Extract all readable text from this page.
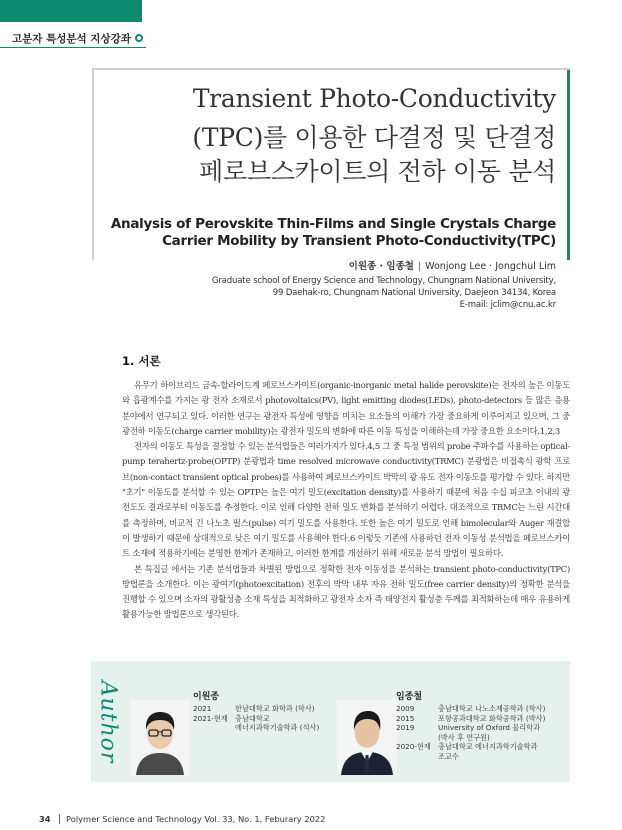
고분자 특성분석 지상강좌
Transient Photo-Conductivity
(TPC)를 이용한 다결정 및 단결정
페로브스카이트의 전하 이동 분석
Analysis of Perovskite Thin-Films and Single Crystals Charge
Carrier Mobility by Transient Photo-Conductivity(TPC)
이원종 · 임종철 | Wonjong Lee · Jongchul Lim
Graduate school of Energy Science and Technology, Chungnam National University,
99 Daehak-ro, Chungnam National University, Daejeon 34134, Korea
E-mail: jclim@cnu.ac.kr
1. 서론

유무기 하이브리드 금속-할라이드계 페로브스카이트(organic-inorganic metal halide perovskite)는 전자의 높은 이동도와 흡광계수를 가지는 광 전자 소재로서 photovoltaics(PV), light emitting diodes(LEDs), photo-detectors 등 많은 응용분야에서 연구되고 있다. 이러한 연구는 광전자 특성에 영향을 미치는 요소들의 이해가 가장 중요하게 이루어지고 있으며, 그 중 광전하 이동도(charge carrier mobility)는 광전자 밀도의 변화에 따른 이동 특성을 이해하는데 가장 중요한 요소이다.1,2,3

전자의 이동도 특성을 결정할 수 있는 분석법들은 여러가지가 있다.4,5 그 중 특정 범위의 probe 주파수를 사용하는 optical-pump terahertz-probe(OPTP) 분광법과 time resolved microwave conductivity(TRMC) 분광법은 비접촉식 광학 프로브(non-contact transient optical probes)를 사용하여 페로브스카이트 박막의 광 유도 전자 이동도를 평가할 수 있다. 하지만 "초기" 이동도를 분석할 수 있는 OPTP는 높은 여기 밀도(excitation density)를 사용하기 때문에 처음 수십 피코초 이내의 광 전도도 결과로부터 이동도를 추정한다. 이로 인해 다양한 전하 밀도 변화를 분석하기 어렵다. 대조적으로 TRMC는 느린 시간대를 측정하며, 비교적 긴 나노초 펄스(pulse) 여기 밀도를 사용한다. 또한 높은 여기 밀도로 인해 bimolecular와 Auger 재결합이 발생하기 때문에 상대적으로 낮은 여기 밀도를 사용해야 한다.6 이렇듯 기존에 사용하던 전자 이동성 분석법을 페로브스카이트 소재에 적용하기에는 분명한 한계가 존재하고, 이러한 한계를 개선하기 위해 새로운 분석 방법이 필요하다.

본 특집글 에서는 기존 분석법들과 차별된 방법으로 정확한 전자 이동성을 분석하는 transient photo-conductivity(TPC) 방법론을 소개한다. 이는 광여기(photoexcitation) 전후의 박막 내부 자유 전하 밀도(free carrier density)의 정확한 분석을 진행할 수 있으며 소자의 광활성층 소재 특성을 최적화하고 광전자 소자 즉 태양전지 활성층 두께를 최적화하는데 매우 유용하게 활용가능한 방법론으로 생각된다.

Author	이원종
2021	한남대학교 화학과 (학사)
2021-현재	충남대학교
에너지과학기술학과 (석사)
임종철
2009	충남대학교 나노소재공학과 (학사)
2015	포항공과대학교 화학공학과 (박사)
2019	University of Oxford 물리학과
(박사 후 연구원)
2020-현재	충남대학교 에너지과학기술학과
조교수
34 Polymer Science and Technology Vol. 33, No. 1, Feburary 2022
